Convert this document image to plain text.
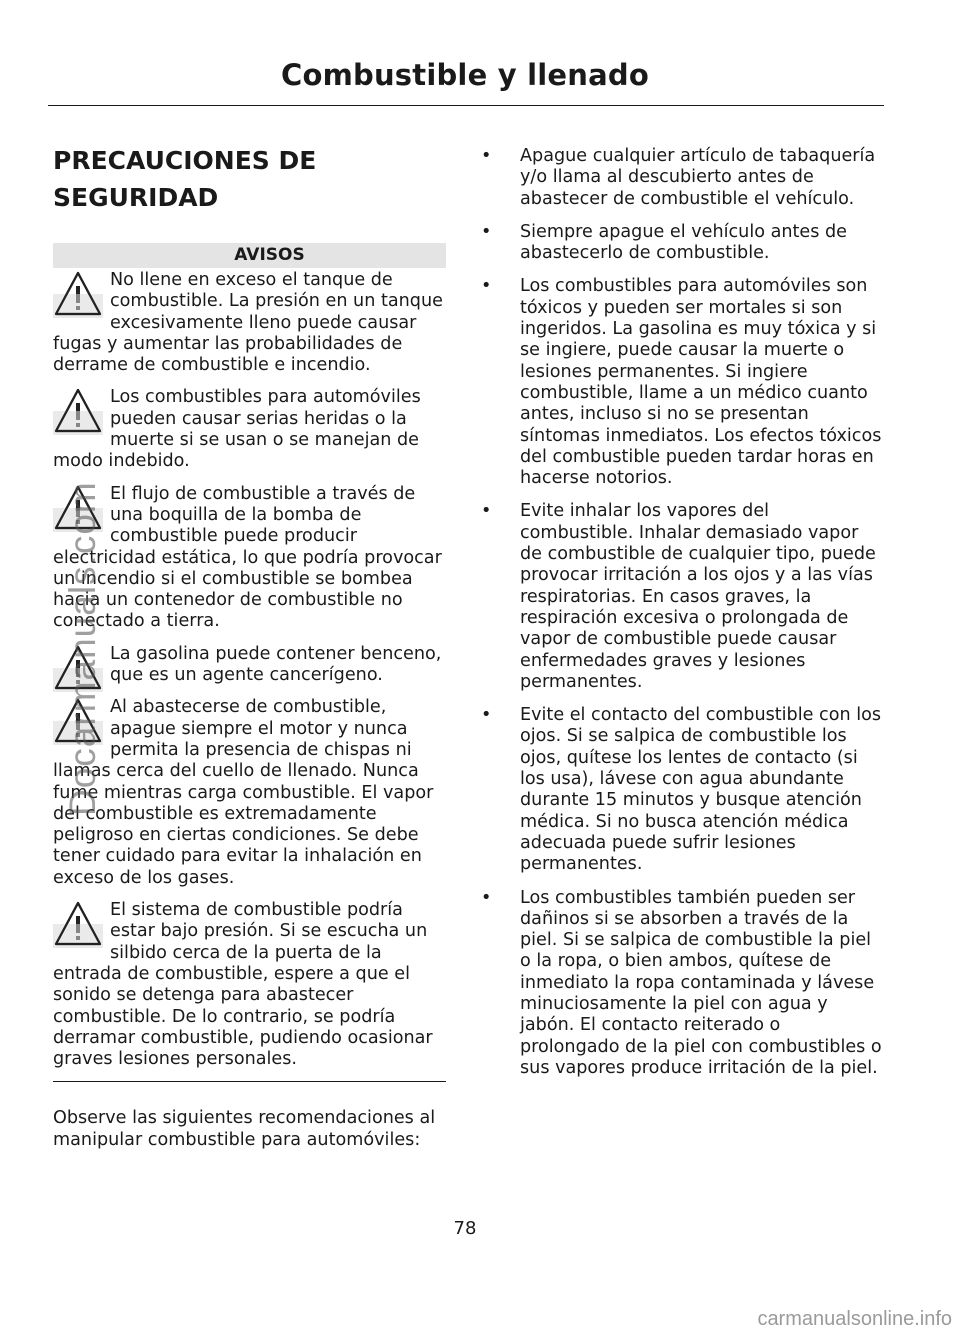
Combustible y llenado
PRECAUCIONES DE
SEGURIDAD
AVISOS
No llene en exceso el tanque de combustible. La presión en un tanque excesivamente lleno puede causar fugas y aumentar las probabilidades de derrame de combustible e incendio.
Los combustibles para automóviles pueden causar serias heridas o la muerte si se usan o se manejan de modo indebido.
El flujo de combustible a través de una boquilla de la bomba de combustible puede producir electricidad estática, lo que podría provocar un incendio si el combustible se bombea hacia un contenedor de combustible no conectado a tierra.
La gasolina puede contener benceno, que es un agente cancerígeno.
Al abastecerse de combustible, apague siempre el motor y nunca permita la presencia de chispas ni llamas cerca del cuello de llenado. Nunca fume mientras carga combustible. El vapor del combustible es extremadamente peligroso en ciertas condiciones. Se debe tener cuidado para evitar la inhalación en exceso de los gases.
El sistema de combustible podría estar bajo presión. Si se escucha un silbido cerca de la puerta de la entrada de combustible, espere a que el sonido se detenga para abastecer combustible. De lo contrario, se podría derramar combustible, pudiendo ocasionar graves lesiones personales.

Observe las siguientes recomendaciones al manipular combustible para automóviles:

• Apague cualquier artículo de tabaquería y/o llama al descubierto antes de abastecer de combustible el vehículo.
• Siempre apague el vehículo antes de abastecerlo de combustible.
• Los combustibles para automóviles son tóxicos y pueden ser mortales si son ingeridos. La gasolina es muy tóxica y si se ingiere, puede causar la muerte o lesiones permanentes. Si ingiere combustible, llame a un médico cuanto antes, incluso si no se presentan síntomas inmediatos. Los efectos tóxicos del combustible pueden tardar horas en hacerse notorios.
• Evite inhalar los vapores del combustible. Inhalar demasiado vapor de combustible de cualquier tipo, puede provocar irritación a los ojos y a las vías respiratorias. En casos graves, la respiración excesiva o prolongada de vapor de combustible puede causar enfermedades graves y lesiones permanentes.
• Evite el contacto del combustible con los ojos. Si se salpica de combustible los ojos, quítese los lentes de contacto (si los usa), lávese con agua abundante durante 15 minutos y busque atención médica. Si no busca atención médica adecuada puede sufrir lesiones permanentes.
• Los combustibles también pueden ser dañinos si se absorben a través de la piel. Si se salpica de combustible la piel o la ropa, o bien ambos, quítese de inmediato la ropa contaminada y lávese minuciosamente la piel con agua y jabón. El contacto reiterado o prolongado de la piel con combustibles o sus vapores produce irritación de la piel.
78
Docarmanuals.com
carmanualsonline.info
